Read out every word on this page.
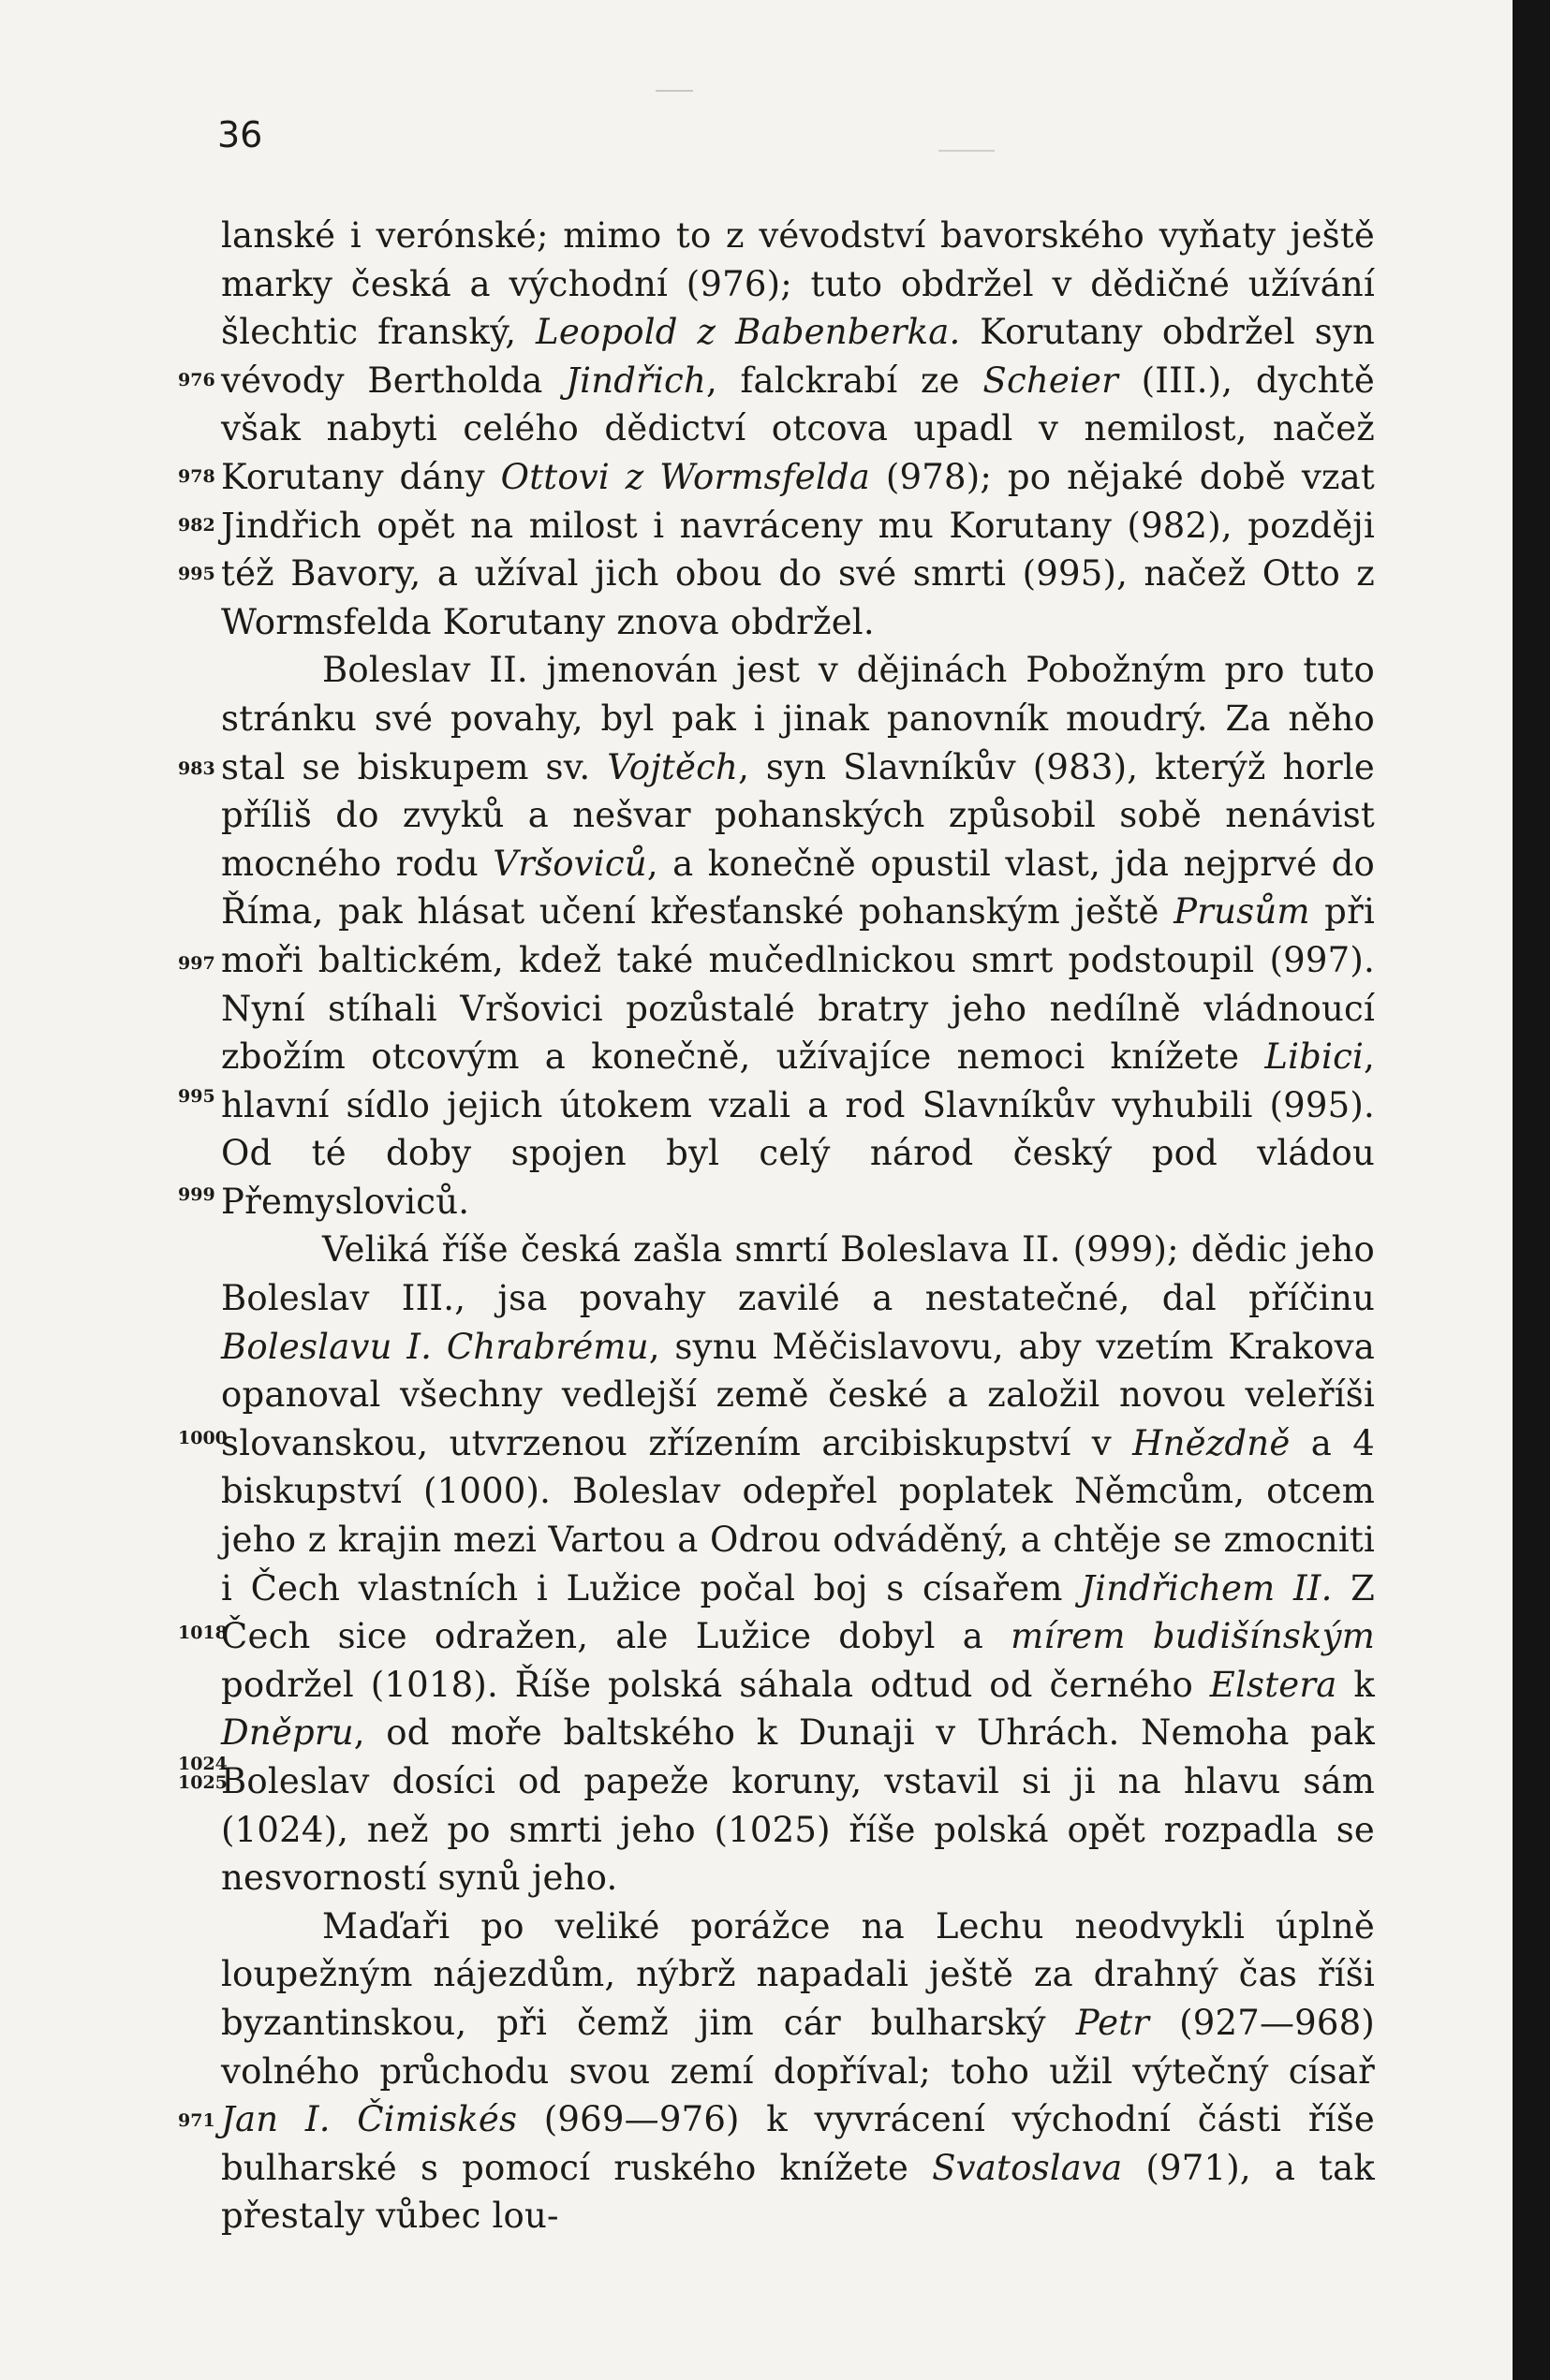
36
976
978
982
995
983
997
995
999
1000
1018
1024
1025
971

lanské i verónské; mimo to z vévodství bavorského vyňaty ještě marky česká a východní (976); tuto obdržel v dědičné užívání šlechtic franský, Leopold z Babenberka. Korutany obdržel syn vévody Bertholda Jindřich, falckrabí ze Scheier (III.), dychtě však nabyti celého dědictví otcova upadl v nemilost, načež Korutany dány Ottovi z Wormsfelda (978); po nějaké době vzat Jindřich opět na milost i navráceny mu Korutany (982), později též Bavory, a užíval jich obou do své smrti (995), načež Otto z Wormsfelda Korutany znova obdržel.

Boleslav II. jmenován jest v dějinách Pobožným pro tuto stránku své povahy, byl pak i jinak panovník moudrý. Za něho stal se biskupem sv. Vojtěch, syn Slavníkův (983), kterýž horle příliš do zvyků a nešvar pohanských způsobil sobě nenávist mocného rodu Vršoviců, a konečně opustil vlast, jda nejprvé do Říma, pak hlásat učení křesťanské pohanským ještě Prusům při moři baltickém, kdež také mučedlnickou smrt podstoupil (997). Nyní stíhali Vršovici pozůstalé bratry jeho nedílně vládnoucí zbožím otcovým a konečně, užívajíce nemoci knížete Libici, hlavní sídlo jejich útokem vzali a rod Slavníkův vyhubili (995). Od té doby spojen byl celý národ český pod vládou Přemysloviců.

Veliká říše česká zašla smrtí Boleslava II. (999); dědic jeho Boleslav III., jsa povahy zavilé a nestatečné, dal příčinu Boleslavu I. Chrabrému, synu Měčislavovu, aby vzetím Krakova opanoval všechny vedlejší země české a založil novou veleříši slovanskou, utvrzenou zřízením arcibiskupství v Hnězdně a 4 biskupství (1000). Boleslav odepřel poplatek Němcům, otcem jeho z krajin mezi Vartou a Odrou odváděný, a chtěje se zmocniti i Čech vlastních i Lužice počal boj s císařem Jindřichem II. Z Čech sice odražen, ale Lužice dobyl a mírem budišínským podržel (1018). Říše polská sáhala odtud od černého Elstera k Dněpru, od moře baltského k Dunaji v Uhrách. Nemoha pak Boleslav dosíci od papeže koruny, vstavil si ji na hlavu sám (1024), než po smrti jeho (1025) říše polská opět rozpadla se nesvorností synů jeho.

Maďaři po veliké porážce na Lechu neodvykli úplně loupežným nájezdům, nýbrž napadali ještě za drahný čas říši byzantinskou, při čemž jim cár bulharský Petr (927—968) volného průchodu svou zemí dopříval; toho užil výtečný císař Jan I. Čimiskés (969—976) k vyvrácení východní části říše bulharské s pomocí ruského knížete Svatoslava (971), a tak přestaly vůbec lou-
